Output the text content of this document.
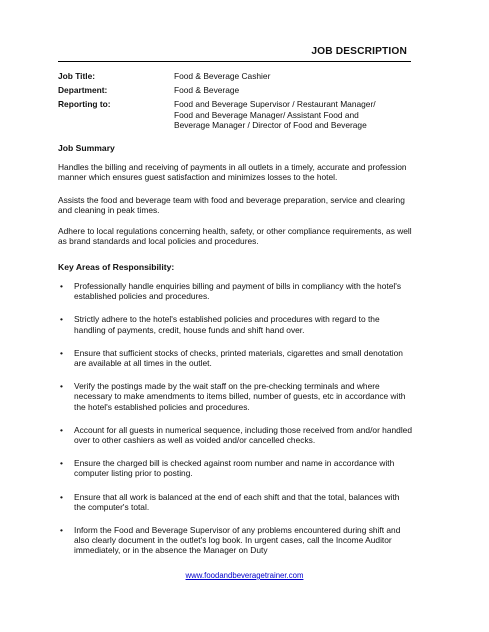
JOB DESCRIPTION
Job Title:	Food & Beverage Cashier
Department:	Food & Beverage
Reporting to:	Food and Beverage Supervisor / Restaurant Manager/
Food and Beverage Manager/ Assistant Food and
Beverage Manager / Director of Food and Beverage
Job Summary
Handles the billing and receiving of payments in all outlets in a timely, accurate and profession manner which ensures guest satisfaction and minimizes losses to the hotel.
Assists the food and beverage team with food and beverage preparation, service and clearing and cleaning in peak times.
Adhere to local regulations concerning health, safety, or other compliance requirements, as well as brand standards and local policies and procedures.
Key Areas of Responsibility:
• Professionally handle enquiries billing and payment of bills in compliancy with the hotel's established policies and procedures.
• Strictly adhere to the hotel's established policies and procedures with regard to the handling of payments, credit, house funds and shift hand over.
• Ensure that sufficient stocks of checks, printed materials, cigarettes and small denotation are available at all times in the outlet.
• Verify the postings made by the wait staff on the pre-checking terminals and where necessary to make amendments to items billed, number of guests, etc in accordance with the hotel's established policies and procedures.
• Account for all guests in numerical sequence, including those received from and/or handled over to other cashiers as well as voided and/or cancelled checks.
• Ensure the charged bill is checked against room number and name in accordance with computer listing prior to posting.
• Ensure that all work is balanced at the end of each shift and that the total, balances with the computer's total.
• Inform the Food and Beverage Supervisor of any problems encountered during shift and also clearly document in the outlet's log book. In urgent cases, call the Income Auditor immediately, or in the absence the Manager on Duty
www.foodandbeveragetrainer.com
